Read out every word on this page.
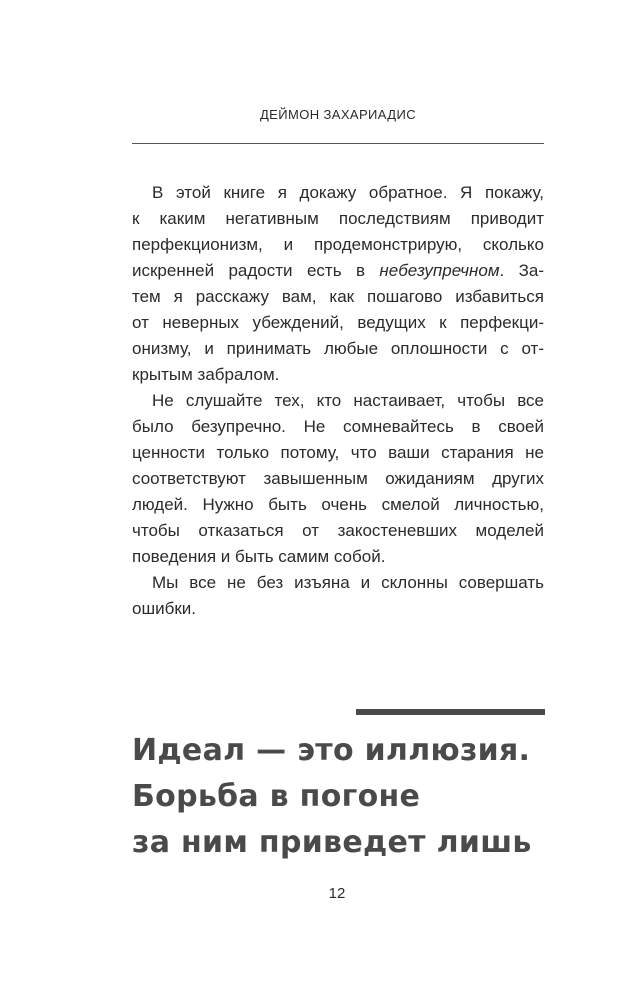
ДЕЙМОН ЗАХАРИАДИС
В этой книге я докажу обратное. Я покажу,
к каким негативным последствиям приводит
перфекционизм, и продемонстрирую, сколько
искренней радости есть в небезупречном. За-
тем я расскажу вам, как пошагово избавиться
от неверных убеждений, ведущих к перфекци-
онизму, и принимать любые оплошности с от-
крытым забралом.
Не слушайте тех, кто настаивает, чтобы все
было безупречно. Не сомневайтесь в своей
ценности только потому, что ваши старания не
соответствуют завышенным ожиданиям других
людей. Нужно быть очень смелой личностью,
чтобы отказаться от закостеневших моделей
поведения и быть самим собой.
Мы все не без изъяна и склонны совершать
ошибки.
Идеал — это иллюзия.
Борьба в погоне
за ним приведет лишь
12
